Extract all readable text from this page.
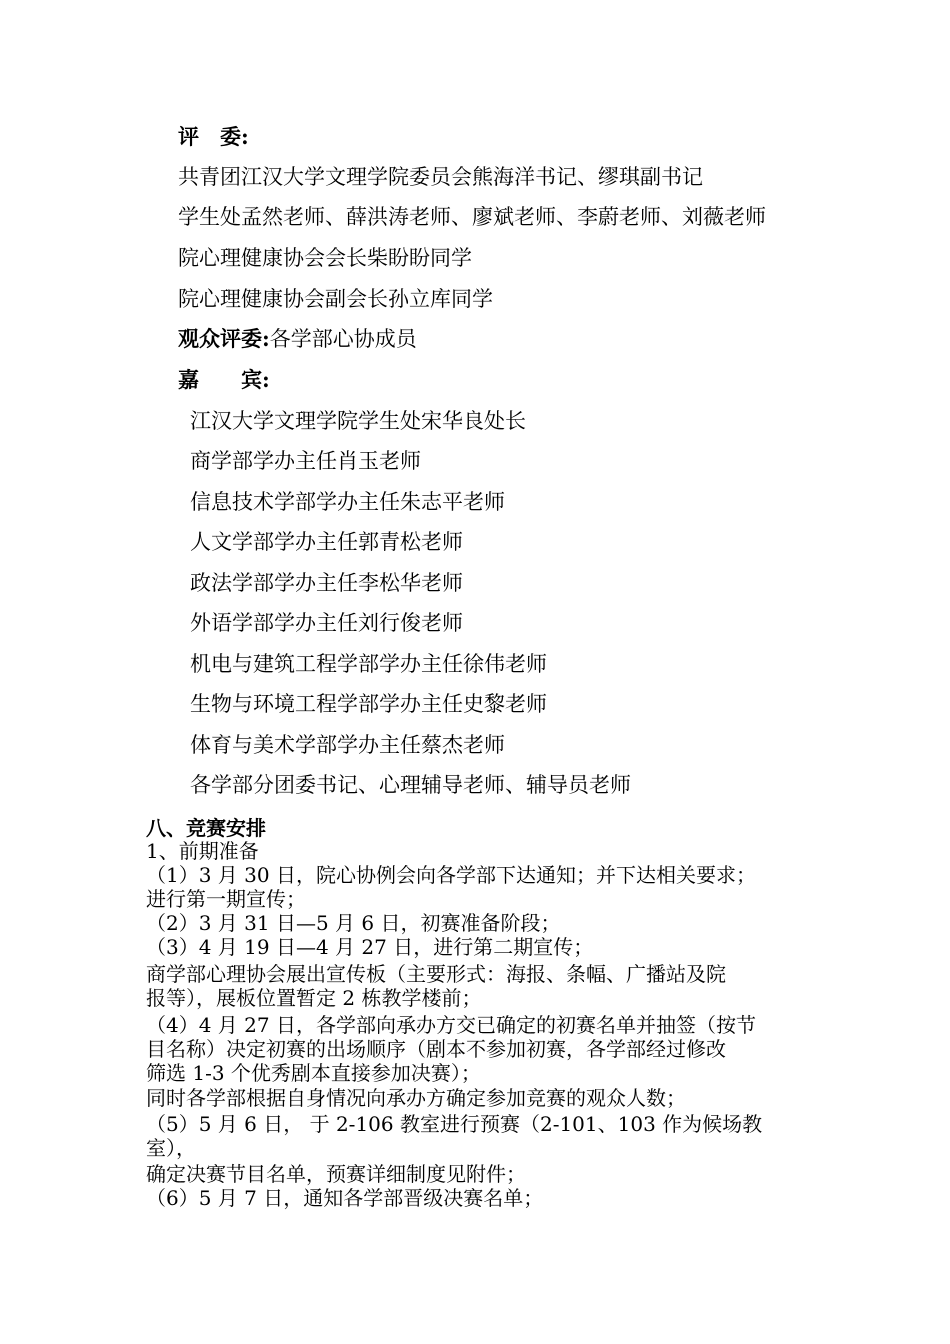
评　委:
共青团江汉大学文理学院委员会熊海洋书记、缪琪副书记
学生处孟然老师、薛洪涛老师、廖斌老师、李蔚老师、刘薇老师
院心理健康协会会长柴盼盼同学
院心理健康协会副会长孙立库同学
观众评委:各学部心协成员
嘉　　宾:
江汉大学文理学院学生处宋华良处长
商学部学办主任肖玉老师
信息技术学部学办主任朱志平老师
人文学部学办主任郭青松老师
政法学部学办主任李松华老师
外语学部学办主任刘行俊老师
机电与建筑工程学部学办主任徐伟老师
生物与环境工程学部学办主任史黎老师
体育与美术学部学办主任蔡杰老师
各学部分团委书记、心理辅导老师、辅导员老师
八、竞赛安排
1、前期准备
（1）3 月 30 日，院心协例会向各学部下达通知；并下达相关要求；
进行第一期宣传；
（2）3 月 31 日—5 月 6 日，初赛准备阶段；
（3）4 月 19 日—4 月 27 日，进行第二期宣传；
商学部心理协会展出宣传板（主要形式：海报、条幅、广播站及院
报等），展板位置暂定 2 栋教学楼前；
（4）4 月 27 日，各学部向承办方交已确定的初赛名单并抽签（按节
目名称）决定初赛的出场顺序（剧本不参加初赛，各学部经过修改
筛选 1-3 个优秀剧本直接参加决赛）；
同时各学部根据自身情况向承办方确定参加竞赛的观众人数；
（5）5 月 6 日， 于 2-106 教室进行预赛（2-101、103 作为候场教
室），
确定决赛节目名单，预赛详细制度见附件；
（6）5 月 7 日，通知各学部晋级决赛名单；
